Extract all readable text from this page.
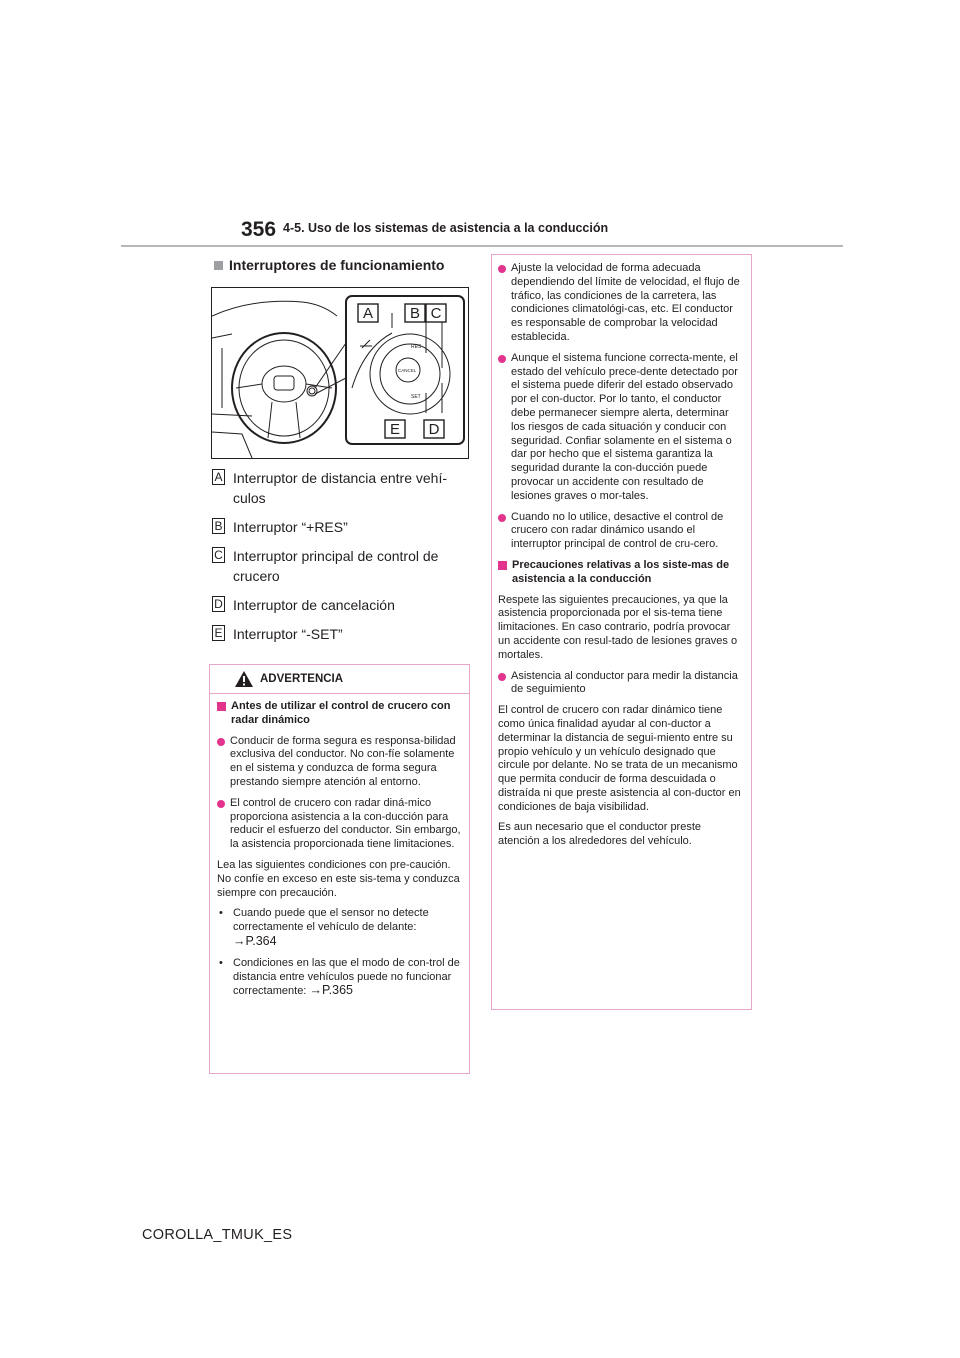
356 4-5. Uso de los sistemas de asistencia a la conducción
Interruptores de funcionamiento
RES
CANCEL
SET
A B C
E D
A Interruptor de distancia entre vehí-culos
B Interruptor “+RES”
C Interruptor principal de control de crucero
D Interruptor de cancelación
E Interruptor “-SET”
ADVERTENCIA
Antes de utilizar el control de crucero con radar dinámico
Conducir de forma segura es responsa-bilidad exclusiva del conductor. No con-fíe solamente en el sistema y conduzca de forma segura prestando siempre atención al entorno.
El control de crucero con radar diná-mico proporciona asistencia a la con-ducción para reducir el esfuerzo del conductor. Sin embargo, la asistencia proporcionada tiene limitaciones.
Lea las siguientes condiciones con pre-caución. No confíe en exceso en este sis-tema y conduzca siempre con precaución.
• Cuando puede que el sensor no detecte correctamente el vehículo de delante:
→P.364
• Condiciones en las que el modo de con-trol de distancia entre vehículos puede no funcionar correctamente: →P.365
Ajuste la velocidad de forma adecuada dependiendo del límite de velocidad, el flujo de tráfico, las condiciones de la carretera, las condiciones climatológi-cas, etc. El conductor es responsable de comprobar la velocidad establecida.
Aunque el sistema funcione correcta-mente, el estado del vehículo prece-dente detectado por el sistema puede diferir del estado observado por el con-ductor. Por lo tanto, el conductor debe permanecer siempre alerta, determinar los riesgos de cada situación y conducir con seguridad. Confiar solamente en el sistema o dar por hecho que el sistema garantiza la seguridad durante la con-ducción puede provocar un accidente con resultado de lesiones graves o mor-tales.
Cuando no lo utilice, desactive el control de crucero con radar dinámico usando el interruptor principal de control de cru-cero.
Precauciones relativas a los siste-mas de asistencia a la conducción
Respete las siguientes precauciones, ya que la asistencia proporcionada por el sis-tema tiene limitaciones. En caso contrario, podría provocar un accidente con resul-tado de lesiones graves o mortales.
Asistencia al conductor para medir la distancia de seguimiento
El control de crucero con radar dinámico tiene como única finalidad ayudar al con-ductor a determinar la distancia de segui-miento entre su propio vehículo y un vehículo designado que circule por delante. No se trata de un mecanismo que permita conducir de forma descuidada o distraída ni que preste asistencia al con-ductor en condiciones de baja visibilidad.
Es aun necesario que el conductor preste atención a los alrededores del vehículo.
COROLLA_TMUK_ES
